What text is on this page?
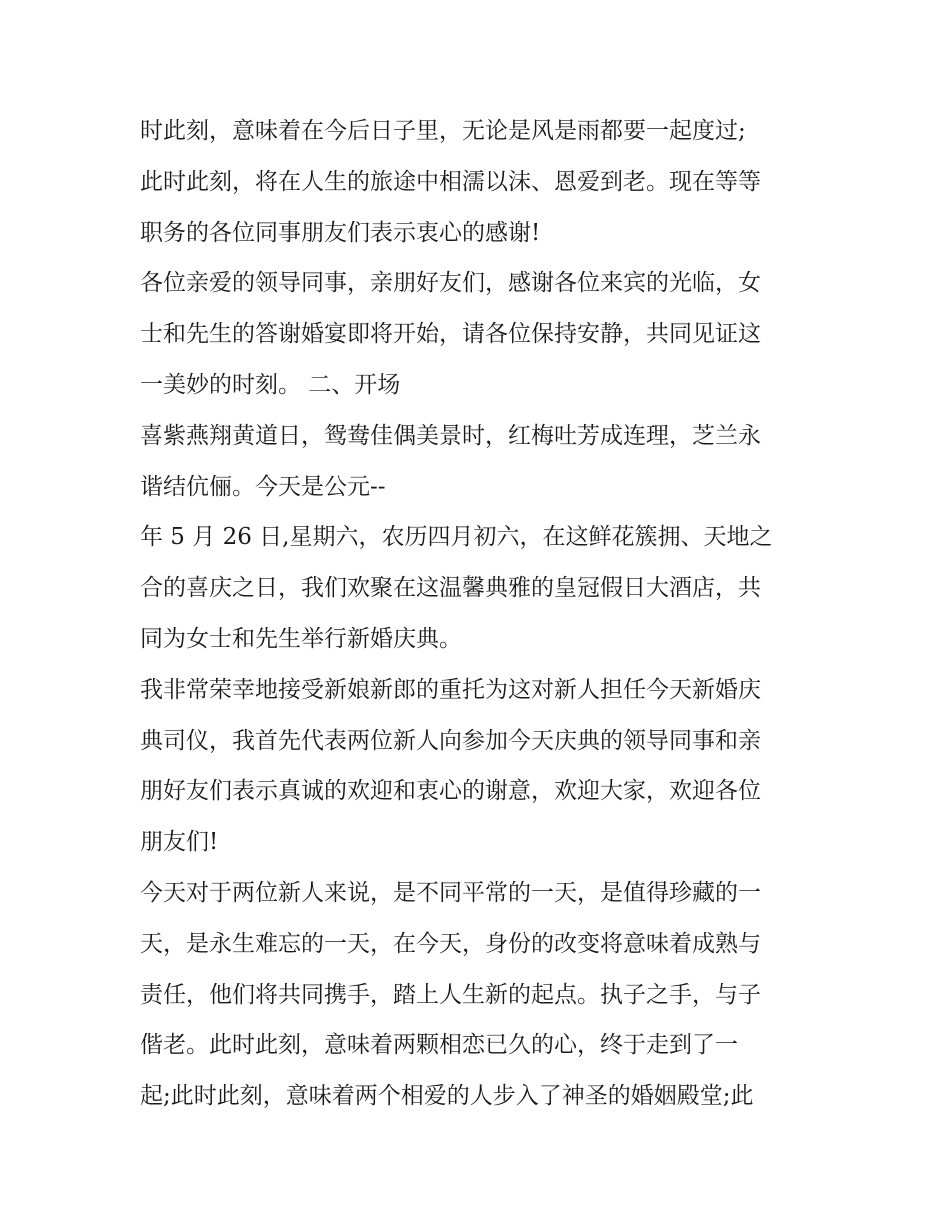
时此刻，意味着在今后日子里，无论是风是雨都要一起度过;
此时此刻，将在人生的旅途中相濡以沫、恩爱到老。现在等等
职务的各位同事朋友们表示衷心的感谢!
各位亲爱的领导同事，亲朋好友们，感谢各位来宾的光临，女
士和先生的答谢婚宴即将开始，请各位保持安静，共同见证这
一美妙的时刻。 二、开场
喜紫燕翔黄道日，鸳鸯佳偶美景时，红梅吐芳成连理，芝兰永
谐结伉俪。今天是公元--
年 5 月 26 日,星期六，农历四月初六，在这鲜花簇拥、天地之
合的喜庆之日，我们欢聚在这温馨典雅的皇冠假日大酒店，共
同为女士和先生举行新婚庆典。
我非常荣幸地接受新娘新郎的重托为这对新人担任今天新婚庆
典司仪，我首先代表两位新人向参加今天庆典的领导同事和亲
朋好友们表示真诚的欢迎和衷心的谢意，欢迎大家，欢迎各位
朋友们!
今天对于两位新人来说，是不同平常的一天，是值得珍藏的一
天，是永生难忘的一天，在今天，身份的改变将意味着成熟与
责任，他们将共同携手，踏上人生新的起点。执子之手，与子
偕老。此时此刻，意味着两颗相恋已久的心，终于走到了一
起;此时此刻，意味着两个相爱的人步入了神圣的婚姻殿堂;此
